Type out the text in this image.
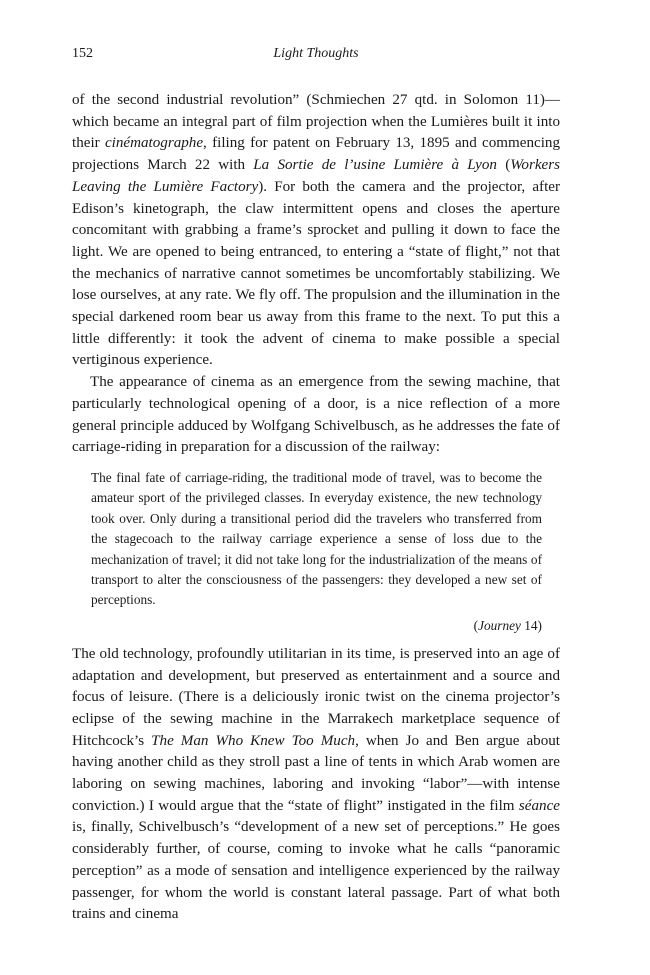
152	Light Thoughts

of the second industrial revolution” (Schmiechen 27 qtd. in Solomon 11)—which became an integral part of film projection when the Lumières built it into their cinématographe, filing for patent on February 13, 1895 and commencing projections March 22 with La Sortie de l’usine Lumière à Lyon (Workers Leaving the Lumière Factory). For both the camera and the projector, after Edison’s kinetograph, the claw intermittent opens and closes the aperture concomitant with grabbing a frame’s sprocket and pulling it down to face the light. We are opened to being entranced, to entering a “state of flight,” not that the mechanics of narrative cannot sometimes be uncomfortably stabilizing. We lose ourselves, at any rate. We fly off. The propulsion and the illumination in the special darkened room bear us away from this frame to the next. To put this a little differently: it took the advent of cinema to make possible a special vertiginous experience.

The appearance of cinema as an emergence from the sewing machine, that particularly technological opening of a door, is a nice reflection of a more general principle adduced by Wolfgang Schivelbusch, as he addresses the fate of carriage-riding in preparation for a discussion of the railway:

The final fate of carriage-riding, the traditional mode of travel, was to become the amateur sport of the privileged classes. In everyday existence, the new technology took over. Only during a transitional period did the travelers who transferred from the stagecoach to the railway carriage experience a sense of loss due to the mechanization of travel; it did not take long for the industrialization of the means of transport to alter the consciousness of the passengers: they developed a new set of perceptions.

(Journey 14)

The old technology, profoundly utilitarian in its time, is preserved into an age of adaptation and development, but preserved as entertainment and a source and focus of leisure. (There is a deliciously ironic twist on the cinema projector’s eclipse of the sewing machine in the Marrakech marketplace sequence of Hitchcock’s The Man Who Knew Too Much, when Jo and Ben argue about having another child as they stroll past a line of tents in which Arab women are laboring on sewing machines, laboring and invoking “labor”—with intense conviction.) I would argue that the “state of flight” instigated in the film séance is, finally, Schivelbusch’s “development of a new set of perceptions.” He goes considerably further, of course, coming to invoke what he calls “panoramic perception” as a mode of sensation and intelligence experienced by the railway passenger, for whom the world is constant lateral passage. Part of what both trains and cinema
